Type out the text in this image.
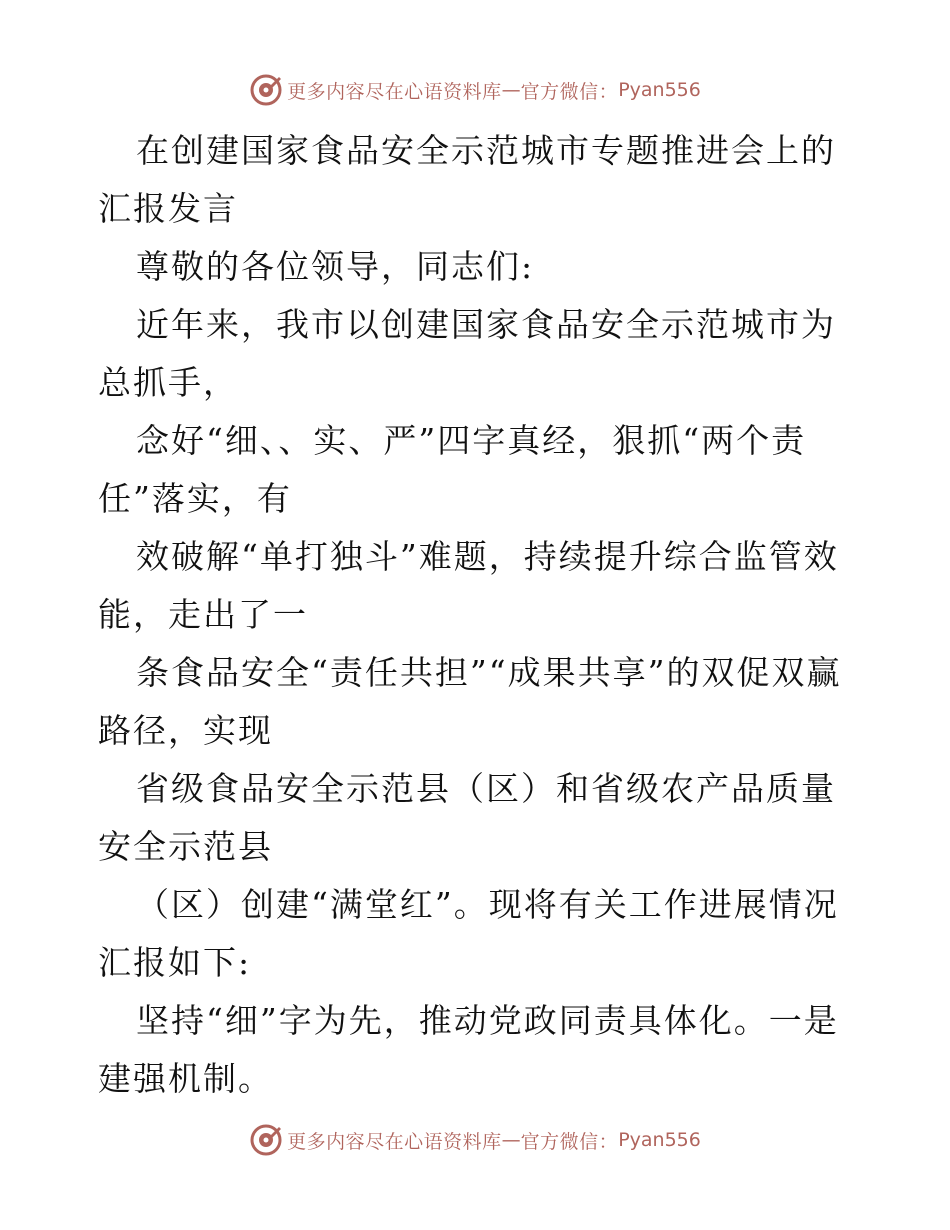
更多内容尽在心语资料库 — 官方微信： Pyan556

在创建国家食品安全示范城市专题推进会上的汇报发言

尊敬的各位领导，同志们:

近年来，我市以创建国家食品安全示范城市为总抓手，

念好“细、、实、严”四字真经，狠抓“两个责任”落实，有

效破解“单打独斗”难题，持续提升综合监管效能，走出了一

条食品安全“责任共担”“成果共享”的双促双赢路径，实现

省级食品安全示范县（区）和省级农产品质量安全示范县

（区）创建“满堂红”。现将有关工作进展情况汇报如下:

坚持“细”字为先，推动党政同责具体化。一是建强机制。

更多内容尽在心语资料库 — 官方微信： Pyan556
